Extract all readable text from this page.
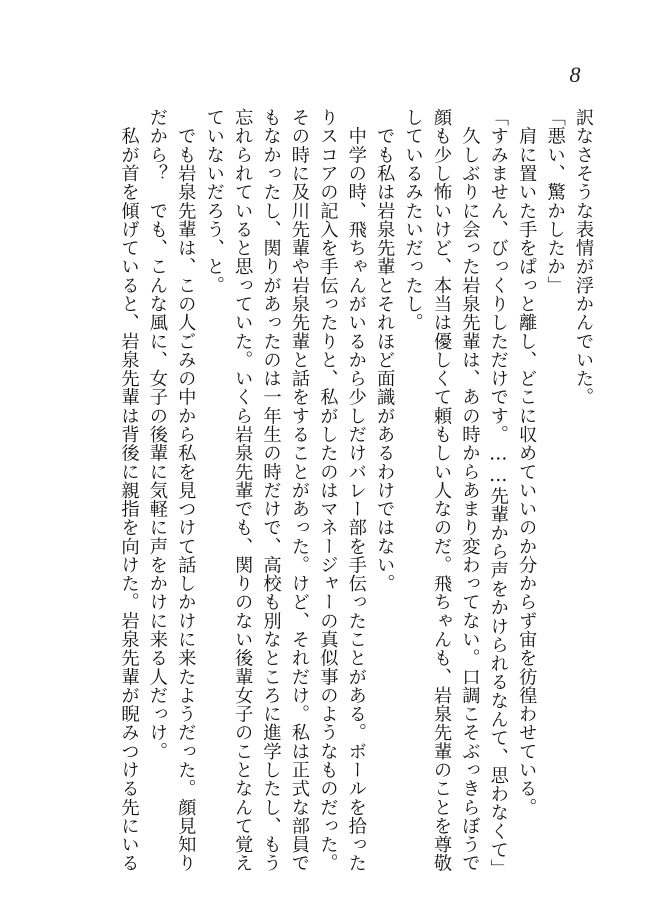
8
訳なさそうな表情が浮かんでいた。
「悪い、驚かしたか」
　肩に置いた手をぱっと離し、どこに収めていいのか分からず宙を彷徨わせている。
「すみません、びっくりしただけです。……先輩から声をかけられるなんて、思わなくて」
　久しぶりに会った岩泉先輩は、あの時からあまり変わってない。口調こそぶっきらぼうで
顔も少し怖いけど、本当は優しくて頼もしい人なのだ。飛ちゃんも、岩泉先輩のことを尊敬
しているみたいだったし。
　でも私は岩泉先輩とそれほど面識があるわけではない。
　中学の時、飛ちゃんがいるから少しだけバレー部を手伝ったことがある。ボールを拾った
りスコアの記入を手伝ったりと、私がしたのはマネージャーの真似事のようなものだった。
その時に及川先輩や岩泉先輩と話をすることがあった。けど、それだけ。私は正式な部員で
もなかったし、関りがあったのは一年生の時だけで、高校も別なところに進学したし、もう
忘れられていると思っていた。いくら岩泉先輩でも、関りのない後輩女子のことなんて覚え
ていないだろう、と。
　でも岩泉先輩は、この人ごみの中から私を見つけて話しかけに来たようだった。顔見知り
だから？　でも、こんな風に、女子の後輩に気軽に声をかけに来る人だっけ。
　私が首を傾げていると、岩泉先輩は背後に親指を向けた。岩泉先輩が睨みつける先にいる
